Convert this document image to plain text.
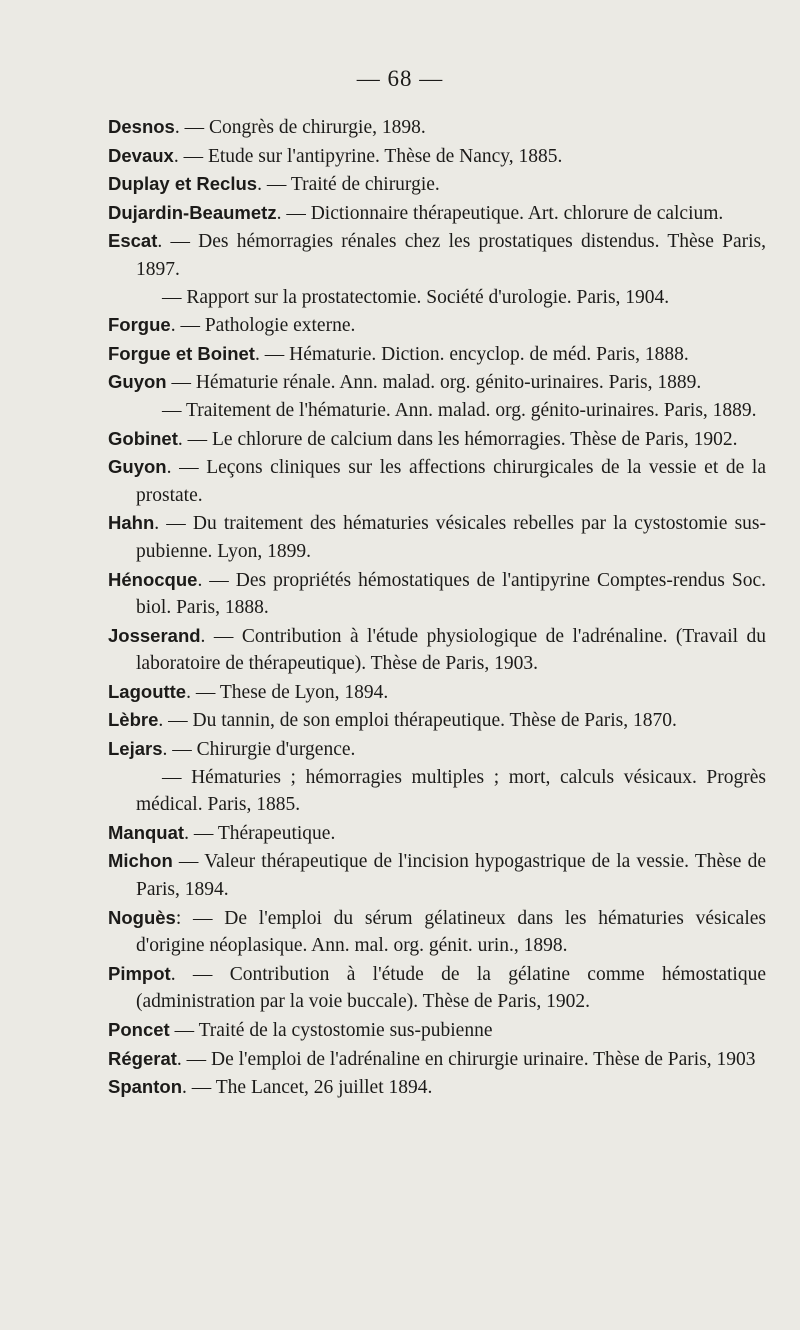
— 68 —
Desnos. — Congrès de chirurgie, 1898.
Devaux. — Etude sur l'antipyrine. Thèse de Nancy, 1885.
Duplay et Reclus. — Traité de chirurgie.
Dujardin-Beaumetz. — Dictionnaire thérapeutique. Art. chlorure de calcium.
Escat. — Des hémorragies rénales chez les prostatiques distendus. Thèse Paris, 1897.
— Rapport sur la prostatectomie. Société d'urologie. Paris, 1904.
Forgue. — Pathologie externe.
Forgue et Boinet. — Hématurie. Diction. encyclop. de méd. Paris, 1888.
Guyon — Hématurie rénale. Ann. malad. org. génito-urinaires. Paris, 1889.
— Traitement de l'hématurie. Ann. malad. org. génito-urinaires. Paris, 1889.
Gobinet. — Le chlorure de calcium dans les hémorragies. Thèse de Paris, 1902.
Guyon. — Leçons cliniques sur les affections chirurgicales de la vessie et de la prostate.
Hahn. — Du traitement des hématuries vésicales rebelles par la cystostomie sus-pubienne. Lyon, 1899.
Hénocque. — Des propriétés hémostatiques de l'antipyrine Comptes-rendus Soc. biol. Paris, 1888.
Josserand. — Contribution à l'étude physiologique de l'adrénaline. (Travail du laboratoire de thérapeutique). Thèse de Paris, 1903.
Lagoutte. — These de Lyon, 1894.
Lèbre. — Du tannin, de son emploi thérapeutique. Thèse de Paris, 1870.
Lejars. — Chirurgie d'urgence.
— Hématuries ; hémorragies multiples ; mort, calculs vésicaux. Progrès médical. Paris, 1885.
Manquat. — Thérapeutique.
Michon — Valeur thérapeutique de l'incision hypogastrique de la vessie. Thèse de Paris, 1894.
Noguès: — De l'emploi du sérum gélatineux dans les hématuries vésicales d'origine néoplasique. Ann. mal. org. génit. urin., 1898.
Pimpot. — Contribution à l'étude de la gélatine comme hémostatique (administration par la voie buccale). Thèse de Paris, 1902.
Poncet — Traité de la cystostomie sus-pubienne
Régerat. — De l'emploi de l'adrénaline en chirurgie urinaire. Thèse de Paris, 1903
Spanton. — The Lancet, 26 juillet 1894.
